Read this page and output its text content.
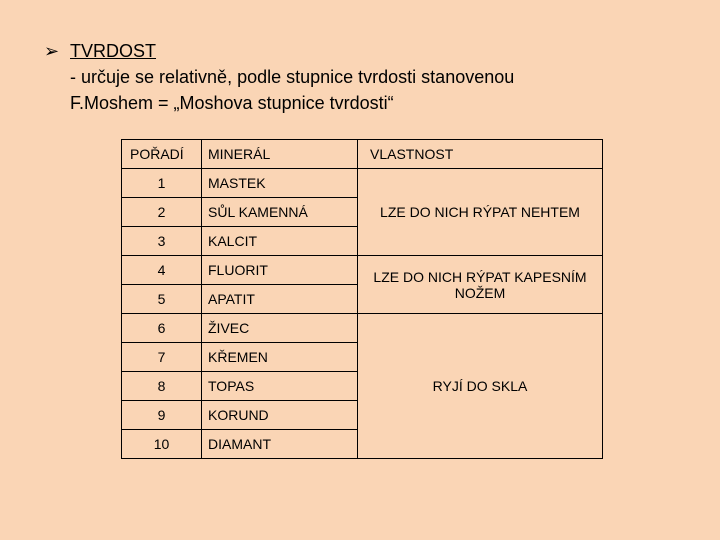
➢ TVRDOST
- určuje se relativně, podle stupnice tvrdosti stanovenou
F.Moshem = „Moshova stupnice tvrdosti“
POŘADÍ	MINERÁL	VLASTNOST
1	MASTEK	LZE DO NICH RÝPAT NEHTEM
2	SŮL KAMENNÁ	
3	KALCIT	
4	FLUORIT	LZE DO NICH RÝPAT KAPESNÍM NOŽEM
5	APATIT	
6	ŽIVEC	RYJÍ DO SKLA
7	KŘEMEN	
8	TOPAS	
9	KORUND	
10	DIAMANT	
